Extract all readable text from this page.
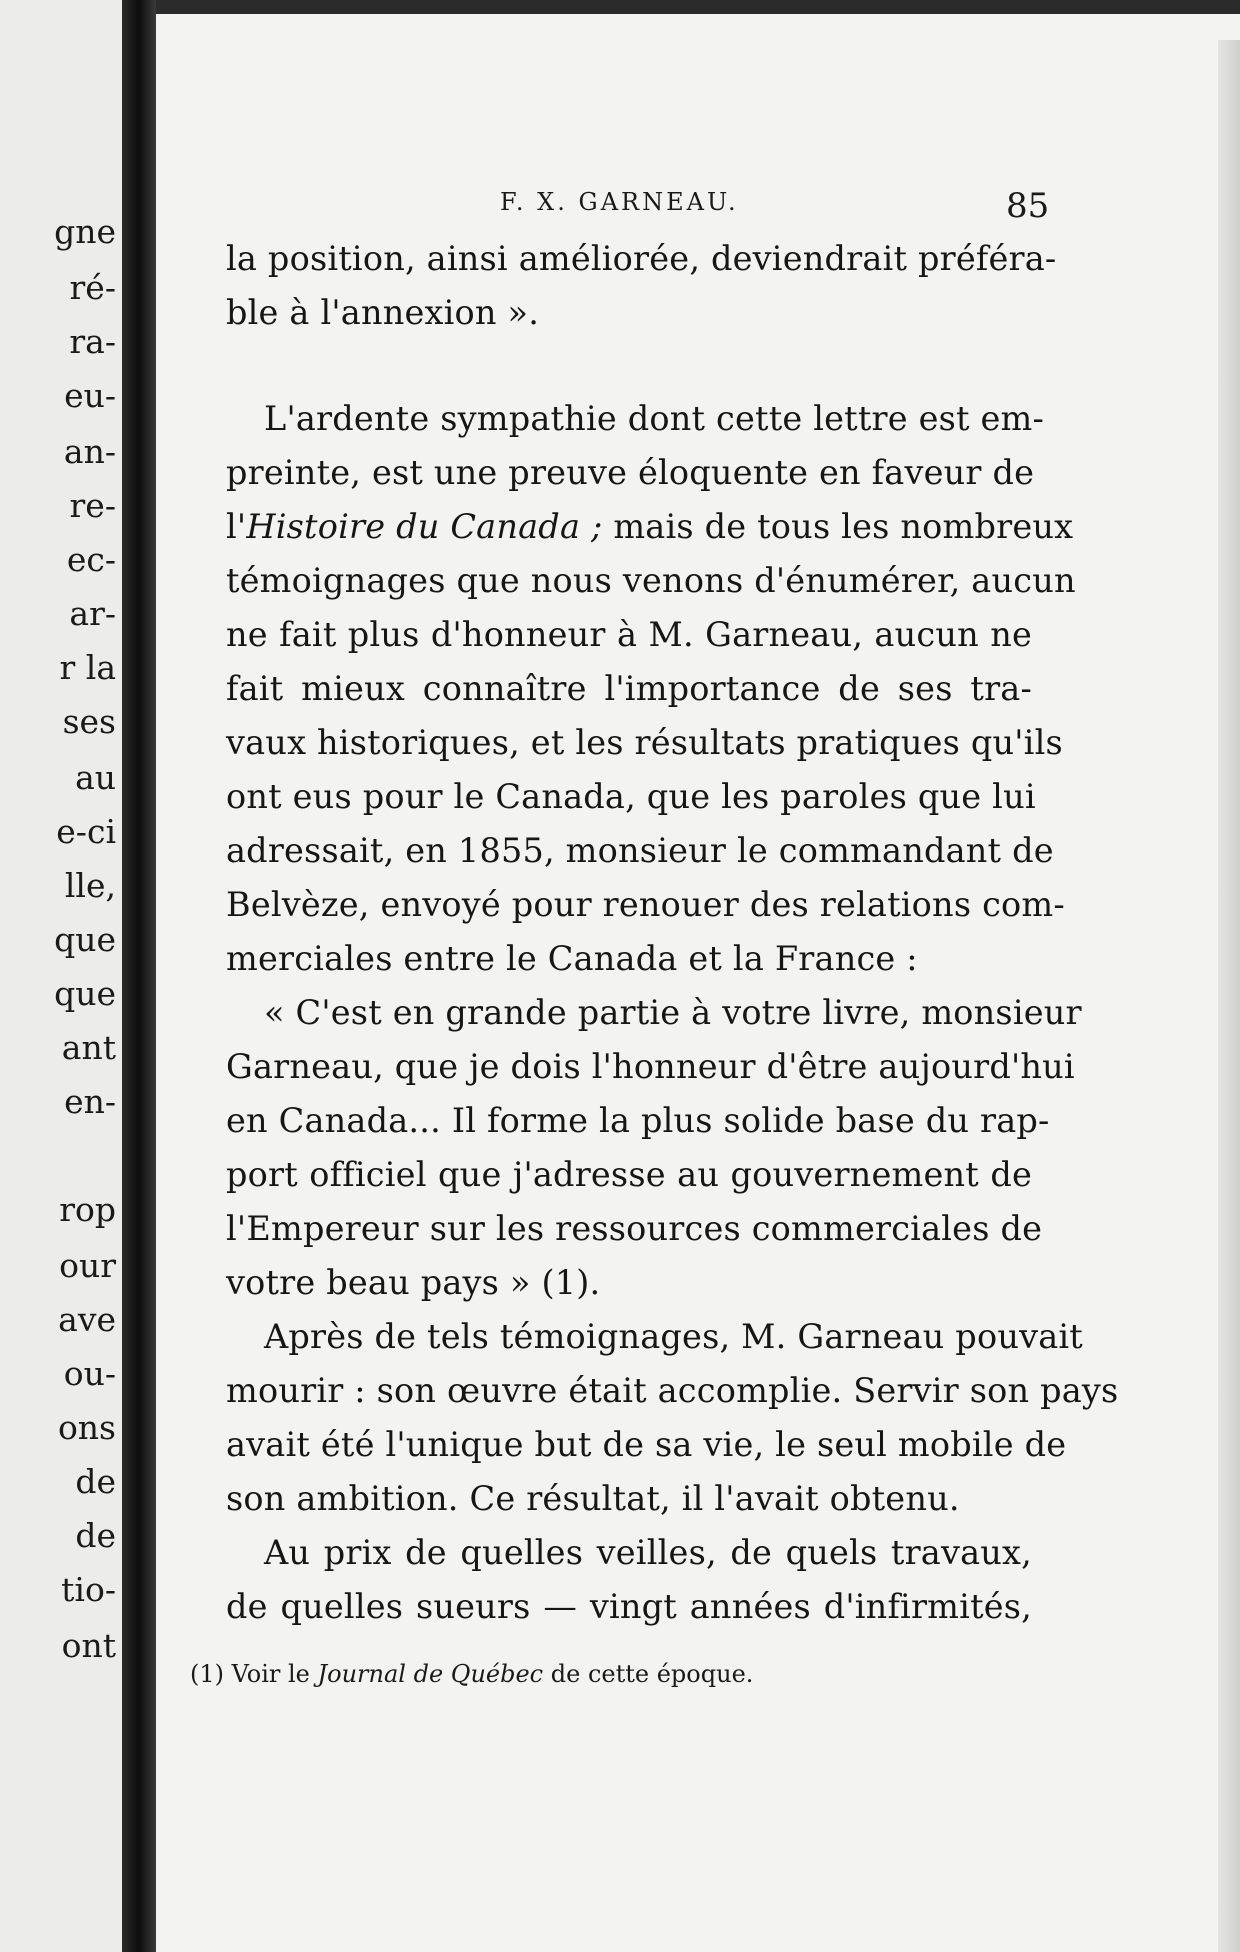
gne
ré-
ra-
eu-
an-
re-
ec-
ar-
r la
ses
au
e-ci
lle,
que
que
ant
en-
rop
our
ave
ou-
ons
de
de
tio-
ont
F. X. GARNEAU.	85
la position, ainsi améliorée, deviendrait préféra-
ble à l'annexion ».
L'ardente sympathie dont cette lettre est em-
preinte, est une preuve éloquente en faveur de
l'Histoire du Canada ; mais de tous les nombreux
témoignages que nous venons d'énumérer, aucun
ne fait plus d'honneur à M. Garneau, aucun ne
fait mieux connaître l'importance de ses tra-
vaux historiques, et les résultats pratiques qu'ils
ont eus pour le Canada, que les paroles que lui
adressait, en 1855, monsieur le commandant de
Belvèze, envoyé pour renouer des relations com-
merciales entre le Canada et la France :
« C'est en grande partie à votre livre, monsieur
Garneau, que je dois l'honneur d'être aujourd'hui
en Canada... Il forme la plus solide base du rap-
port officiel que j'adresse au gouvernement de
l'Empereur sur les ressources commerciales de
votre beau pays » (1).
Après de tels témoignages, M. Garneau pouvait
mourir : son œuvre était accomplie. Servir son pays
avait été l'unique but de sa vie, le seul mobile de
son ambition. Ce résultat, il l'avait obtenu.
Au prix de quelles veilles, de quels travaux,
de quelles sueurs — vingt années d'infirmités,
(1) Voir le Journal de Québec de cette époque.
